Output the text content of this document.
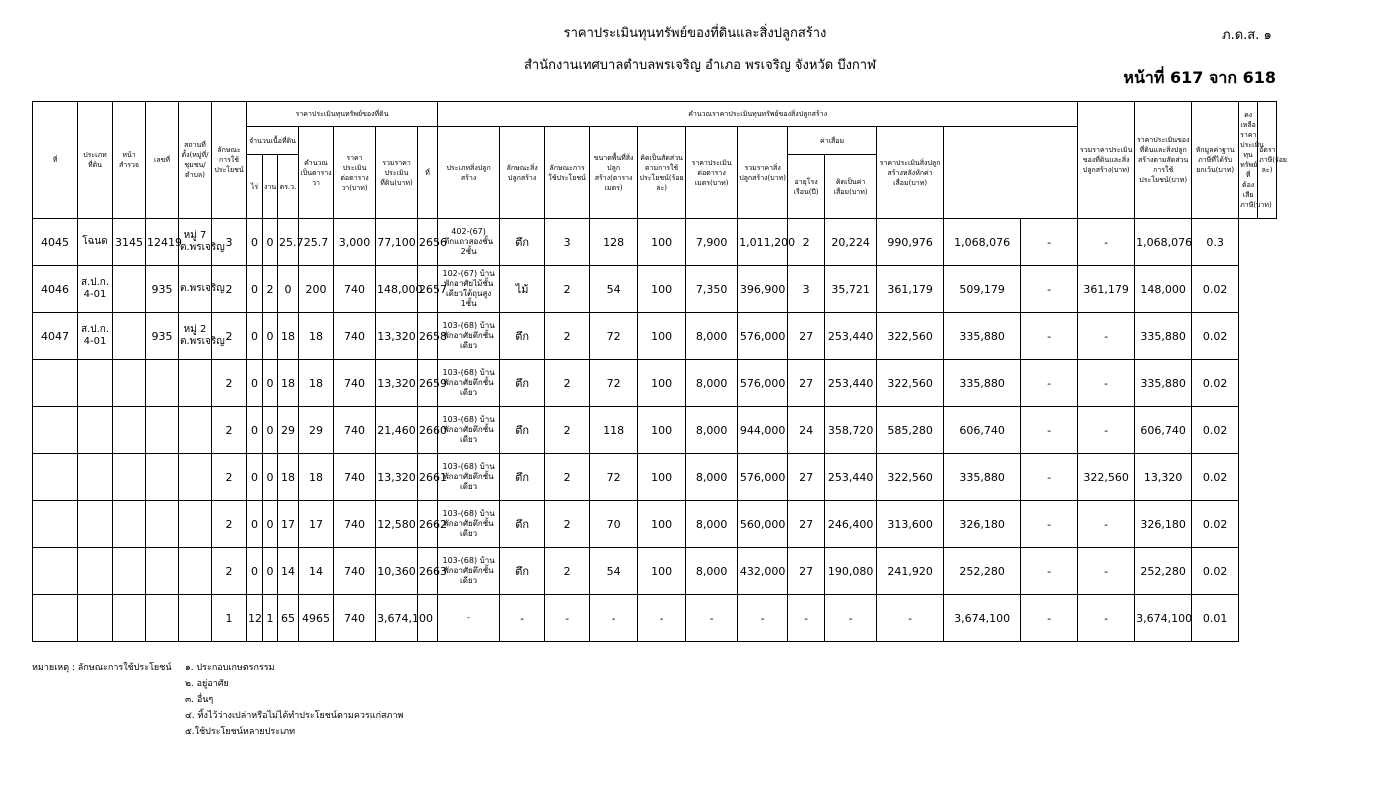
ราคาประเมินทุนทรัพย์ของที่ดินและสิ่งปลูกสร้าง
สำนักงานเทศบาลตำบลพรเจริญ อำเภอ พรเจริญ จังหวัด บึงกาฬ
ภ.ด.ส. ๑
หน้าที่ 617 จาก 618
ที่	ประเภทที่ดิน	หน้าสำรวจ	เลขที่	สถานที่ตั้ง(หมู่ที่/ชุมชน/ตำบล)	ลักษณะการใช้ประโยชน์	ราคาประเมินทุนทรัพย์ของที่ดิน							คำนวณราคาประเมินทุนทรัพย์ของสิ่งปลูกสร้าง												รวมราคาประเมินของที่ดินและสิ่งปลูกสร้าง(บาท)	ราคาประเมินของที่ดินและสิ่งปลูกสร้างตามสัดส่วนการใช้ประโยชน์(บาท)	หักมูลค่าฐานภาษีที่ได้รับยกเว้น(บาท)	คงเหลือราคาประเมินทุนทรัพย์ที่ต้องเสียภาษี(บาท)	อัตราภาษี(ร้อยละ)
						จำนวนเนื้อที่ดิน			คำนวณเป็นตารางวา	ราคาประเมินต่อตารางวา(บาท)	รวมราคาประเมินที่ดิน(บาท)	ที่	ประเภทสิ่งปลูกสร้าง	ลักษณะสิ่งปลูกสร้าง	ลักษณะการใช้ประโยชน์	ขนาดพื้นที่สิ่งปลูกสร้าง(ตารางเมตร)	คิดเป็นสัดส่วนตามการใช้ประโยชน์(ร้อยละ)	ราคาประเมินต่อตารางเมตร(บาท)	รวมราคาสิ่งปลูกสร้าง(บาท)	ค่าเสื่อม		ราคาประเมินสิ่งปลูกสร้างหลังหักค่าเสื่อม(บาท)							
						ไร่	งาน	ตร.ว.												อายุโรงเรือน(ปี)	คิดเป็นค่าเสื่อม(บาท)								
4045	โฉนด	3145	12419	หมู่ 7 ต.พรเจริญ	3	0	0	25.7	25.7	3,000	77,100	2656	402-(67) ตึกแถวสองชั้น 2ชั้น	ตึก	3	128	100	7,900	1,011,200	2	20,224	990,976	1,068,076	-	-	1,068,076	0.3		
4046	ส.ป.ก. 4-01		935	ต.พรเจริญ	2	0	2	0	200	740	148,000	2657	102-(67) บ้านพักอาศัยไม้ชั้นเดียวใต้ถุนสูง 1ชั้น	ไม้	2	54	100	7,350	396,900	3	35,721	361,179	509,179	-	361,179	148,000	0.02		
4047	ส.ป.ก. 4-01		935	หมู่ 2 ต.พรเจริญ	2	0	0	18	18	740	13,320	2658	103-(68) บ้านพักอาศัยตึกชั้นเดียว	ตึก	2	72	100	8,000	576,000	27	253,440	322,560	335,880	-	-	335,880	0.02		
					2	0	0	18	18	740	13,320	2659	103-(68) บ้านพักอาศัยตึกชั้นเดียว	ตึก	2	72	100	8,000	576,000	27	253,440	322,560	335,880	-	-	335,880	0.02		
					2	0	0	29	29	740	21,460	2660	103-(68) บ้านพักอาศัยตึกชั้นเดียว	ตึก	2	118	100	8,000	944,000	24	358,720	585,280	606,740	-	-	606,740	0.02		
					2	0	0	18	18	740	13,320	2661	103-(68) บ้านพักอาศัยตึกชั้นเดียว	ตึก	2	72	100	8,000	576,000	27	253,440	322,560	335,880	-	322,560	13,320	0.02		
					2	0	0	17	17	740	12,580	2662	103-(68) บ้านพักอาศัยตึกชั้นเดียว	ตึก	2	70	100	8,000	560,000	27	246,400	313,600	326,180	-	-	326,180	0.02		
					2	0	0	14	14	740	10,360	2663	103-(68) บ้านพักอาศัยตึกชั้นเดียว	ตึก	2	54	100	8,000	432,000	27	190,080	241,920	252,280	-	-	252,280	0.02		
					1	12	1	65	4965	740	3,674,100		-	-	-	-	-	-	-	-	-	-	3,674,100	-	-	3,674,100	0.01		
หมายเหตุ : ลักษณะการใช้ประโยชน์ ๑. ประกอบเกษตรกรรม
๒. อยู่อาศัย
๓. อื่นๆ
๔. ทิ้งไว้ว่างเปล่าหรือไม่ได้ทำประโยชน์ตามควรแก่สภาพ
๕.ใช้ประโยชน์หลายประเภท
